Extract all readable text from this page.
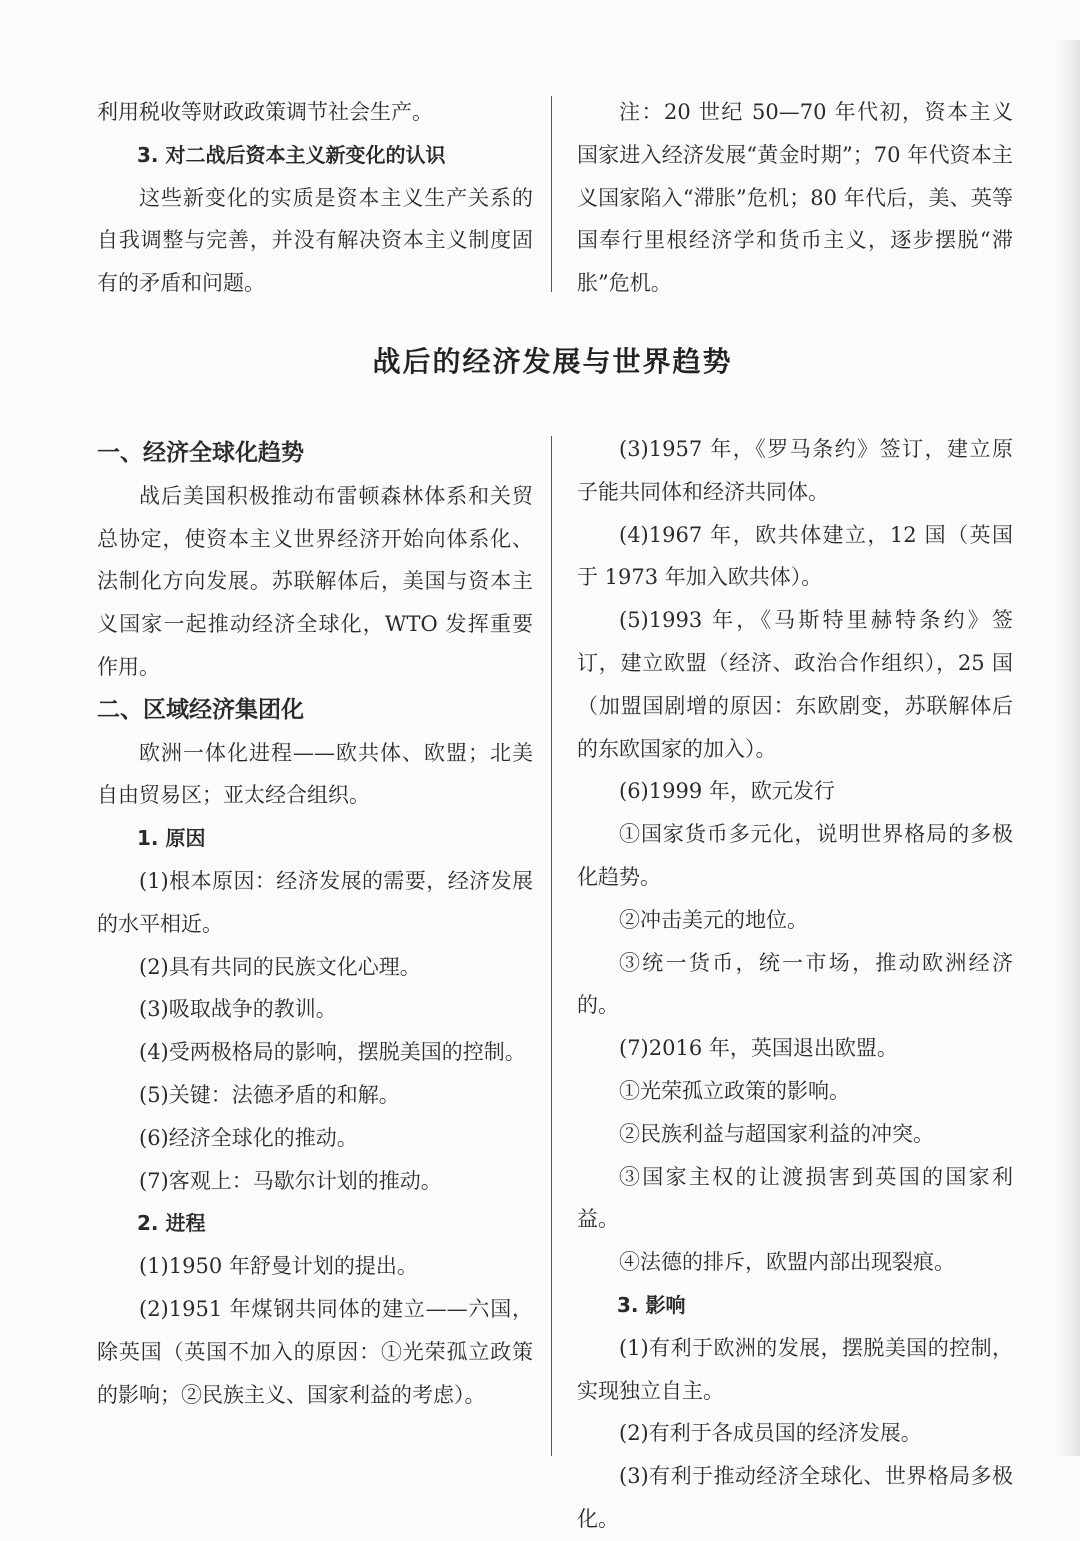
利用税收等财政政策调节社会生产。

3. 对二战后资本主义新变化的认识

这些新变化的实质是资本主义生产关系的自我调整与完善，并没有解决资本主义制度固有的矛盾和问题。

注：20 世纪 50—70 年代初，资本主义国家进入经济发展“黄金时期”；70 年代资本主义国家陷入“滞胀”危机；80 年代后，美、英等国奉行里根经济学和货币主义，逐步摆脱“滞胀”危机。

战后的经济发展与世界趋势

一、经济全球化趋势

战后美国积极推动布雷顿森林体系和关贸总协定，使资本主义世界经济开始向体系化、法制化方向发展。苏联解体后，美国与资本主义国家一起推动经济全球化，WTO 发挥重要作用。

二、区域经济集团化

欧洲一体化进程——欧共体、欧盟；北美自由贸易区；亚太经合组织。

1. 原因

(1)根本原因：经济发展的需要，经济发展的水平相近。

(2)具有共同的民族文化心理。

(3)吸取战争的教训。

(4)受两极格局的影响，摆脱美国的控制。

(5)关键：法德矛盾的和解。

(6)经济全球化的推动。

(7)客观上：马歇尔计划的推动。

2. 进程

(1)1950 年舒曼计划的提出。

(2)1951 年煤钢共同体的建立——六国，除英国（英国不加入的原因：①光荣孤立政策的影响；②民族主义、国家利益的考虑）。

(3)1957 年，《罗马条约》签订，建立原子能共同体和经济共同体。

(4)1967 年，欧共体建立，12 国（英国于 1973 年加入欧共体）。

(5)1993 年，《马斯特里赫特条约》签订，建立欧盟（经济、政治合作组织），25 国（加盟国剧增的原因：东欧剧变，苏联解体后的东欧国家的加入）。

(6)1999 年，欧元发行

①国家货币多元化，说明世界格局的多极化趋势。

②冲击美元的地位。

③统一货币，统一市场，推动欧洲经济的。

(7)2016 年，英国退出欧盟。

①光荣孤立政策的影响。

②民族利益与超国家利益的冲突。

③国家主权的让渡损害到英国的国家利益。

④法德的排斥，欧盟内部出现裂痕。

3. 影响

(1)有利于欧洲的发展，摆脱美国的控制，实现独立自主。

(2)有利于各成员国的经济发展。

(3)有利于推动经济全球化、世界格局多极化。
